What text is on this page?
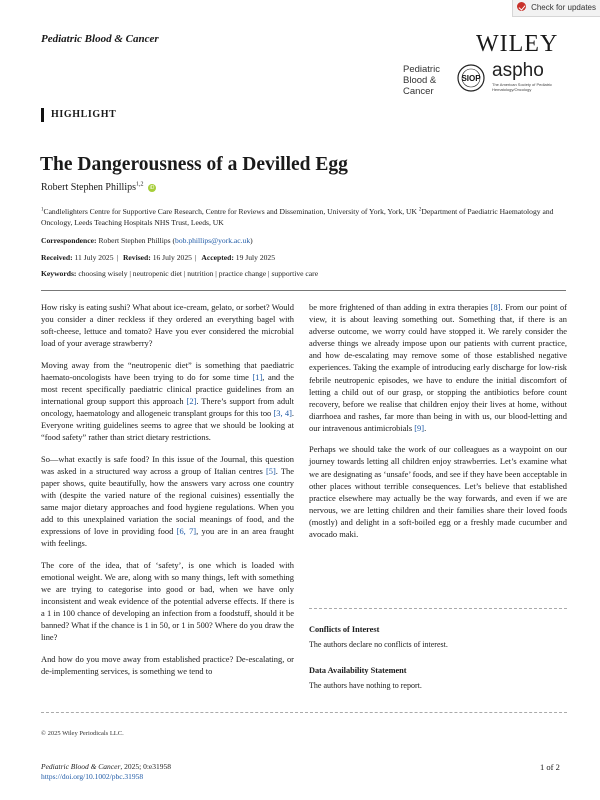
Check for updates
Pediatric Blood & Cancer	WILEY
Pediatric
Blood &
Cancer
SIOP aspho
The American Society of Pediatric Hematology/Oncology
HIGHLIGHT
The Dangerousness of a Devilled Egg
Robert Stephen Phillips$^{1,2}$ iD
$^1$Candlelighters Centre for Supportive Care Research, Centre for Reviews and Dissemination, University of York, York, UK $^2$Department of Paediatric Haematology and Oncology, Leeds Teaching Hospitals NHS Trust, Leeds, UK
Correspondence: Robert Stephen Phillips (bob.phillips@york.ac.uk)
Received: 11 July 2025 | Revised: 16 July 2025 | Accepted: 19 July 2025
Keywords: choosing wisely | neutropenic diet | nutrition | practice change | supportive care

How risky is eating sushi? What about ice-cream, gelato, or sorbet? Would you consider a diner reckless if they ordered an everything bagel with soft-cheese, lettuce and tomato? Have you ever considered the microbial load of your average strawberry?

Moving away from the “neutropenic diet” is something that paediatric haemato-oncologists have been trying to do for some time [1], and the most recent specifically paediatric clinical practice guidelines from an international group support this approach [2]. There’s support from adult oncology, haematology and allogeneic transplant groups for this too [3, 4]. Everyone writing guidelines seems to agree that we should be looking at “food safety” rather than strict dietary restrictions.

So—what exactly is safe food? In this issue of the Journal, this question was asked in a structured way across a group of Italian centres [5]. The paper shows, quite beautifully, how the answers vary across one country with (despite the varied nature of the regional cuisines) essentially the same major dietary approaches and food hygiene regulations. When you add to this unexplained variation the social meanings of food, and the expressions of love in providing food [6, 7], you are in an area fraught with feelings.

The core of the idea, that of ‘safety’, is one which is loaded with emotional weight. We are, along with so many things, left with something we are trying to categorise into good or bad, when we have only inconsistent and weak evidence of the potential adverse effects. If there is a 1 in 100 chance of developing an infection from a foodstuff, should it be banned? What if the chance is 1 in 50, or 1 in 500? Where do you draw the line?

And how do you move away from established practice? De-escalating, or de-implementing services, is something we tend to

be more frightened of than adding in extra therapies [8]. From our point of view, it is about leaving something out. Something that, if there is an adverse outcome, we worry could have stopped it. We rarely consider the adverse things we already impose upon our patients with current practice, and how de-escalating may remove some of those established negative experiences. Taking the example of introducing early discharge for low-risk febrile neutropenic episodes, we have to endure the initial discomfort of letting a child out of our grasp, or stopping the antibiotics before count recovery, before we realise that children enjoy their lives at home, without diarrhoea and rashes, far more than being in with us, our blood-letting and our intravenous antimicrobials [9].

Perhaps we should take the work of our colleagues as a waypoint on our journey towards letting all children enjoy strawberries. Let’s examine what we are designating as ‘unsafe’ foods, and see if they have been acceptable in other places without terrible consequences. Let’s believe that established practice elsewhere may actually be the way forwards, and even if we are nervous, we are letting children and their families share their loved foods (mostly) and delight in a soft-boiled egg or a freshly made cucumber and avocado maki.

Conflicts of Interest
The authors declare no conflicts of interest.
Data Availability Statement
The authors have nothing to report.
© 2025 Wiley Periodicals LLC.
Pediatric Blood & Cancer, 2025; 0:e31958
https://doi.org/10.1002/pbc.31958
1 of 2
